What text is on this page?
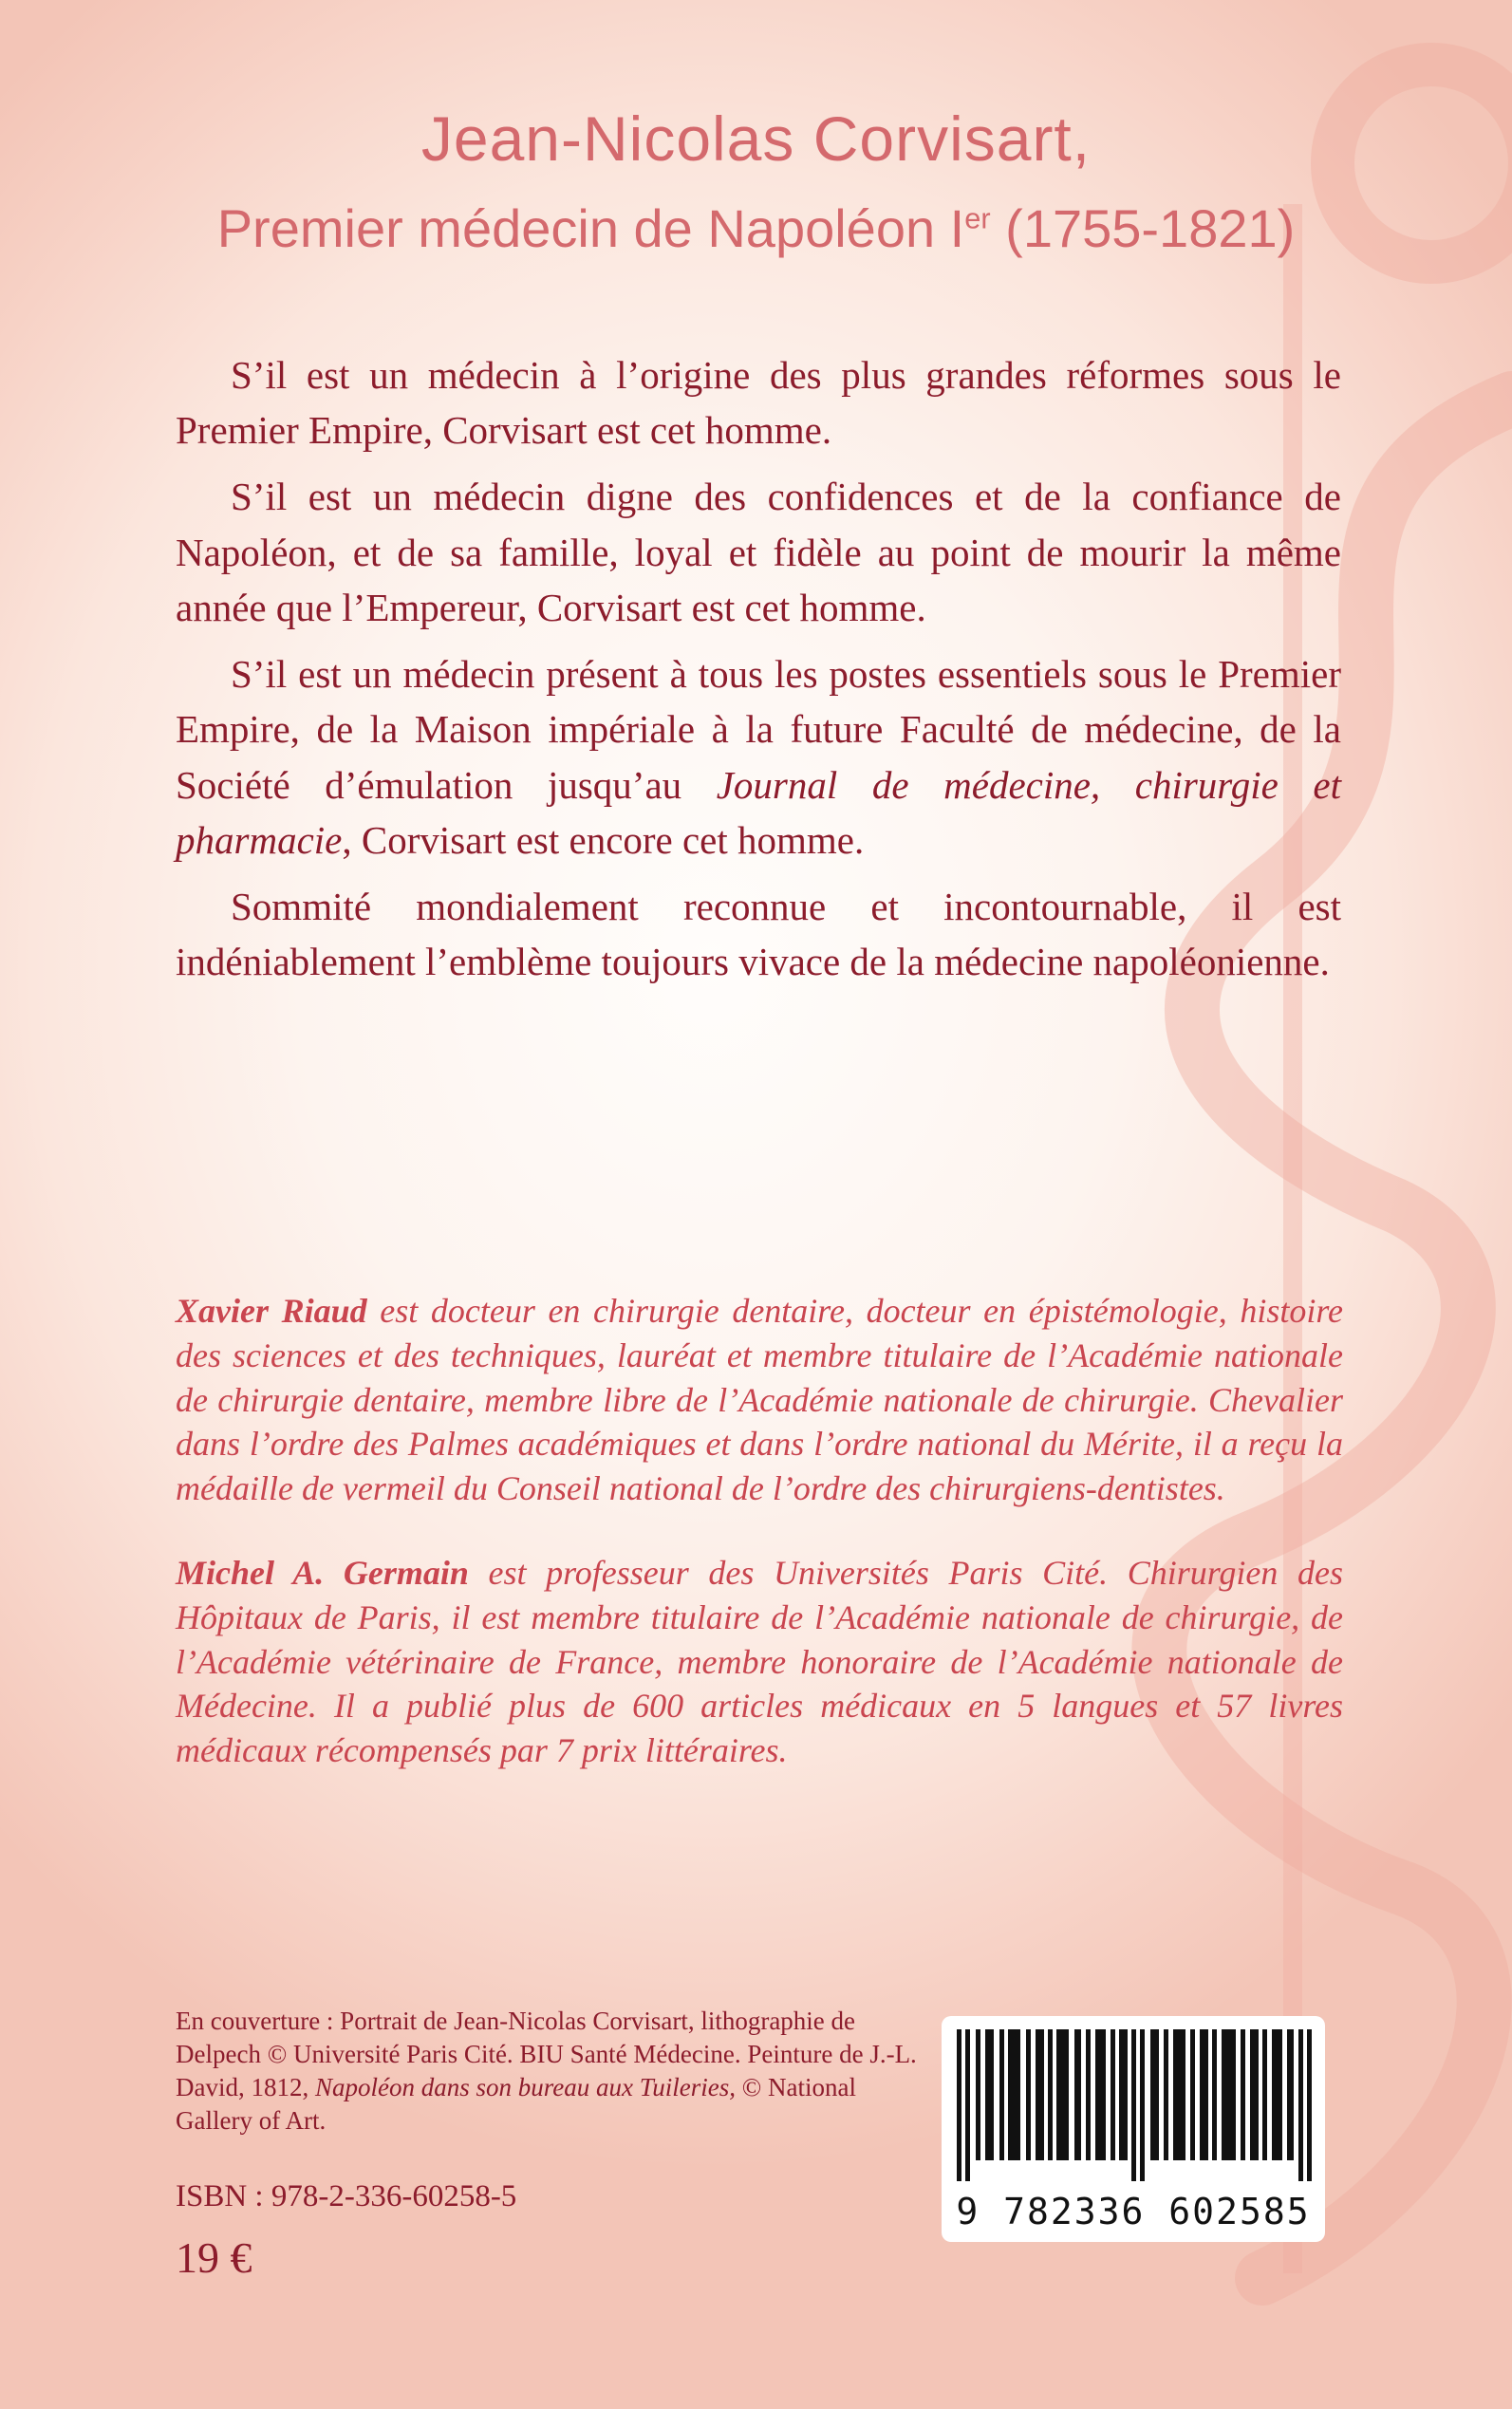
Jean-Nicolas Corvisart,
Premier médecin de Napoléon Ier (1755-1821)

S’il est un médecin à l’origine des plus grandes réformes sous le Premier Empire, Corvisart est cet homme.

S’il est un médecin digne des confidences et de la confiance de Napoléon, et de sa famille, loyal et fidèle au point de mourir la même année que l’Empereur, Corvisart est cet homme.

S’il est un médecin présent à tous les postes essentiels sous le Premier Empire, de la Maison impériale à la future Faculté de médecine, de la Société d’émulation jusqu’au Journal de médecine, chirurgie et pharmacie, Corvisart est encore cet homme.

Sommité mondialement reconnue et incontournable, il est indéniablement l’emblème toujours vivace de la médecine napoléonienne.

Xavier Riaud est docteur en chirurgie dentaire, docteur en épistémologie, histoire des sciences et des techniques, lauréat et membre titulaire de l’Académie nationale de chirurgie dentaire, membre libre de l’Académie nationale de chirurgie. Chevalier dans l’ordre des Palmes académiques et dans l’ordre national du Mérite, il a reçu la médaille de vermeil du Conseil national de l’ordre des chirurgiens-dentistes.

Michel A. Germain est professeur des Universités Paris Cité. Chirurgien des Hôpitaux de Paris, il est membre titulaire de l’Académie nationale de chirurgie, de l’Académie vétérinaire de France, membre honoraire de l’Académie nationale de Médecine. Il a publié plus de 600 articles médicaux en 5 langues et 57 livres médicaux récompensés par 7 prix littéraires.

En couverture : Portrait de Jean-Nicolas Corvisart, lithographie de Delpech © Université Paris Cité. BIU Santé Médecine. Peinture de J.-L. David, 1812, Napoléon dans son bureau aux Tuileries, © National Gallery of Art.

ISBN : 978-2-336-60258-5
19 €
9 782336 602585
